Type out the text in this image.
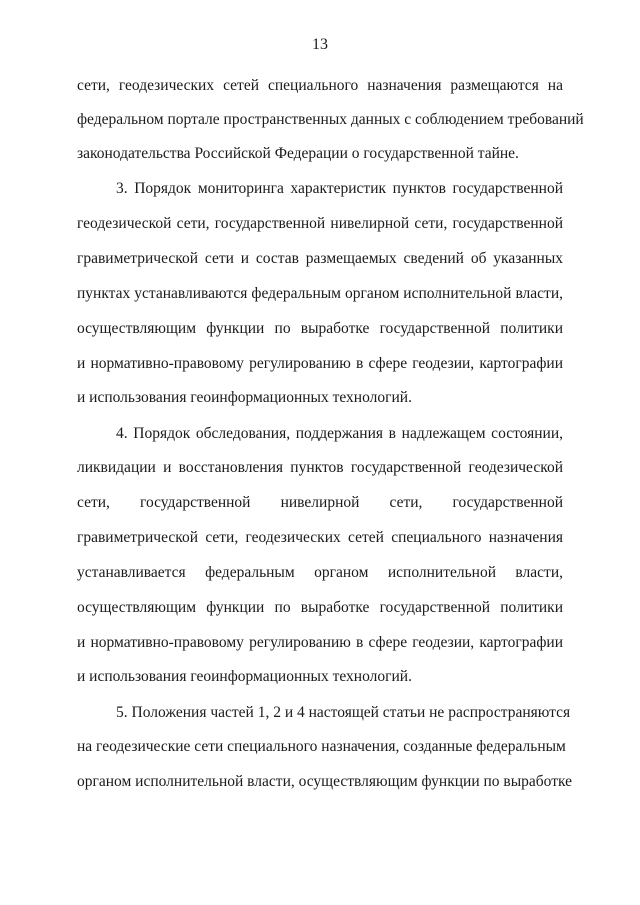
13
сети, геодезических сетей специального назначения размещаются на
федеральном портале пространственных данных с соблюдением требований
законодательства Российской Федерации о государственной тайне.
3. Порядок мониторинга характеристик пунктов государственной
геодезической сети, государственной нивелирной сети, государственной
гравиметрической сети и состав размещаемых сведений об указанных
пунктах устанавливаются федеральным органом исполнительной власти,
осуществляющим функции по выработке государственной политики
и нормативно-правовому регулированию в сфере геодезии, картографии
и использования геоинформационных технологий.
4. Порядок обследования, поддержания в надлежащем состоянии,
ликвидации и восстановления пунктов государственной геодезической
сети, государственной нивелирной сети, государственной
гравиметрической сети, геодезических сетей специального назначения
устанавливается федеральным органом исполнительной власти,
осуществляющим функции по выработке государственной политики
и нормативно-правовому регулированию в сфере геодезии, картографии
и использования геоинформационных технологий.
5. Положения частей 1, 2 и 4 настоящей статьи не распространяются
на геодезические сети специального назначения, созданные федеральным
органом исполнительной власти, осуществляющим функции по выработке
